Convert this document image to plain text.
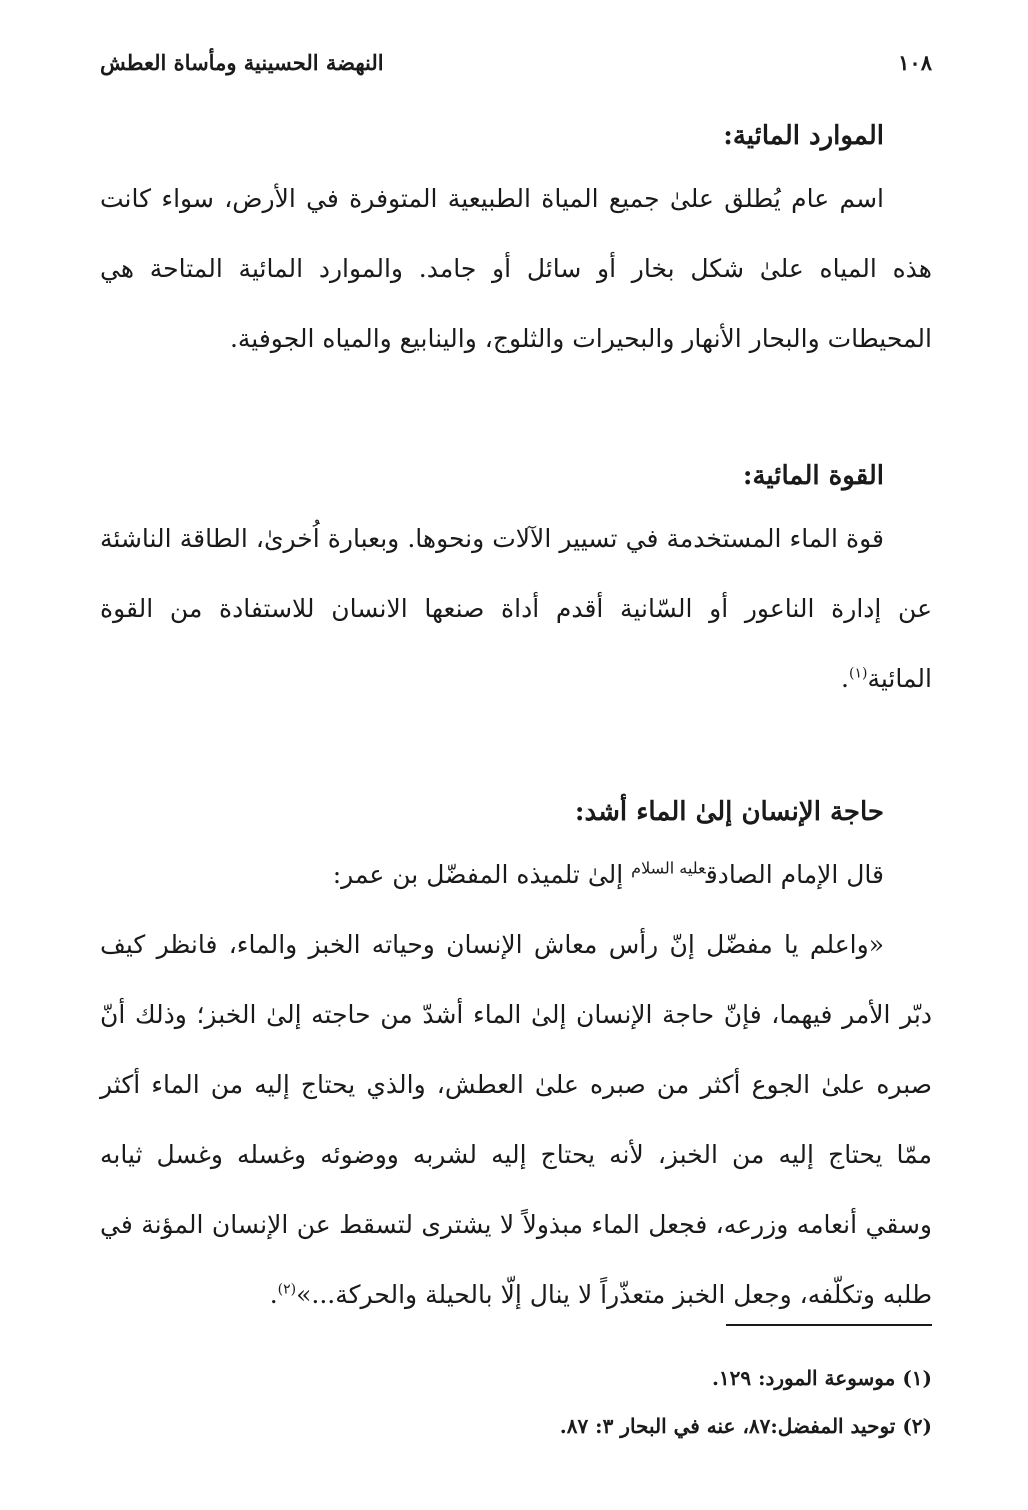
١٠٨
النهضة الحسينية ومأساة العطش
الموارد المائية:

اسم عام يُطلق علىٰ جميع المياة الطبيعية المتوفرة في الأرض، سواء كانت هذه المياه علىٰ شكل بخار أو سائل أو جامد. والموارد المائية المتاحة هي المحيطات والبحار الأنهار والبحيرات والثلوج، والينابيع والمياه الجوفية.

القوة المائية:

قوة الماء المستخدمة في تسيير الآلات ونحوها. وبعبارة اُخرىٰ، الطاقة الناشئة عن إدارة الناعور أو السّانية أقدم أداة صنعها الانسان للاستفادة من القوة المائية$^{(١)}$.

حاجة الإنسان إلىٰ الماء أشد:

قال الإمام الصادق$^{عليه السلام}$ إلىٰ تلميذه المفضّل بن عمر:

«واعلم يا مفضّل إنّ رأس معاش الإنسان وحياته الخبز والماء، فانظر كيف دبّر الأمر فيهما، فإنّ حاجة الإنسان إلىٰ الماء أشدّ من حاجته إلىٰ الخبز؛ وذلك أنّ صبره علىٰ الجوع أكثر من صبره علىٰ العطش، والذي يحتاج إليه من الماء أكثر ممّا يحتاج إليه من الخبز، لأنه يحتاج إليه لشربه ووضوئه وغسله وغسل ثيابه وسقي أنعامه وزرعه، فجعل الماء مبذولاً لا يشترى لتسقط عن الإنسان المؤنة في طلبه وتكلّفه، وجعل الخبز متعذّراً لا ينال إلّا بالحيلة والحركة...»$^{(٢)}$.

(١) موسوعة المورد: ١٢٩.
(٢) توحيد المفضل:٨٧، عنه في البحار ٣: ٨٧.
